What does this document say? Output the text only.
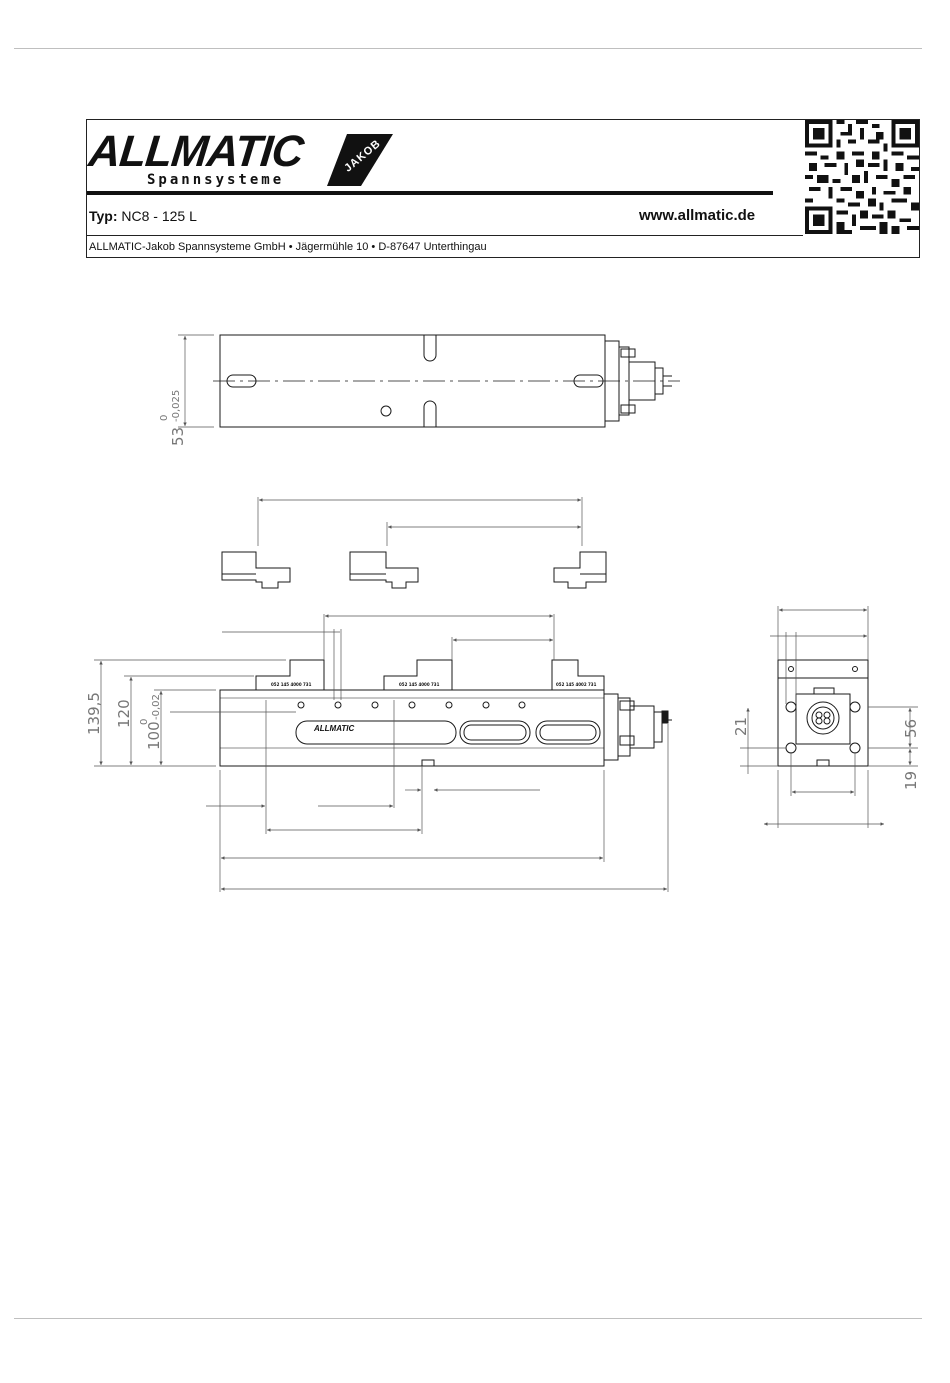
ALLMATIC
Spannsysteme
JAKOB
Typ: NC8 - 125 L	www.allmatic.de
ALLMATIC-Jakob Spannsysteme GmbH • Jägermühle 10 • D-87647 Unterthingau
53
0 -0,025
052 145 4000 731	052 145 4000 731	052 145 4002 731
ALLMATIC
139,5 120
100
0
-0,02
21	56
19
